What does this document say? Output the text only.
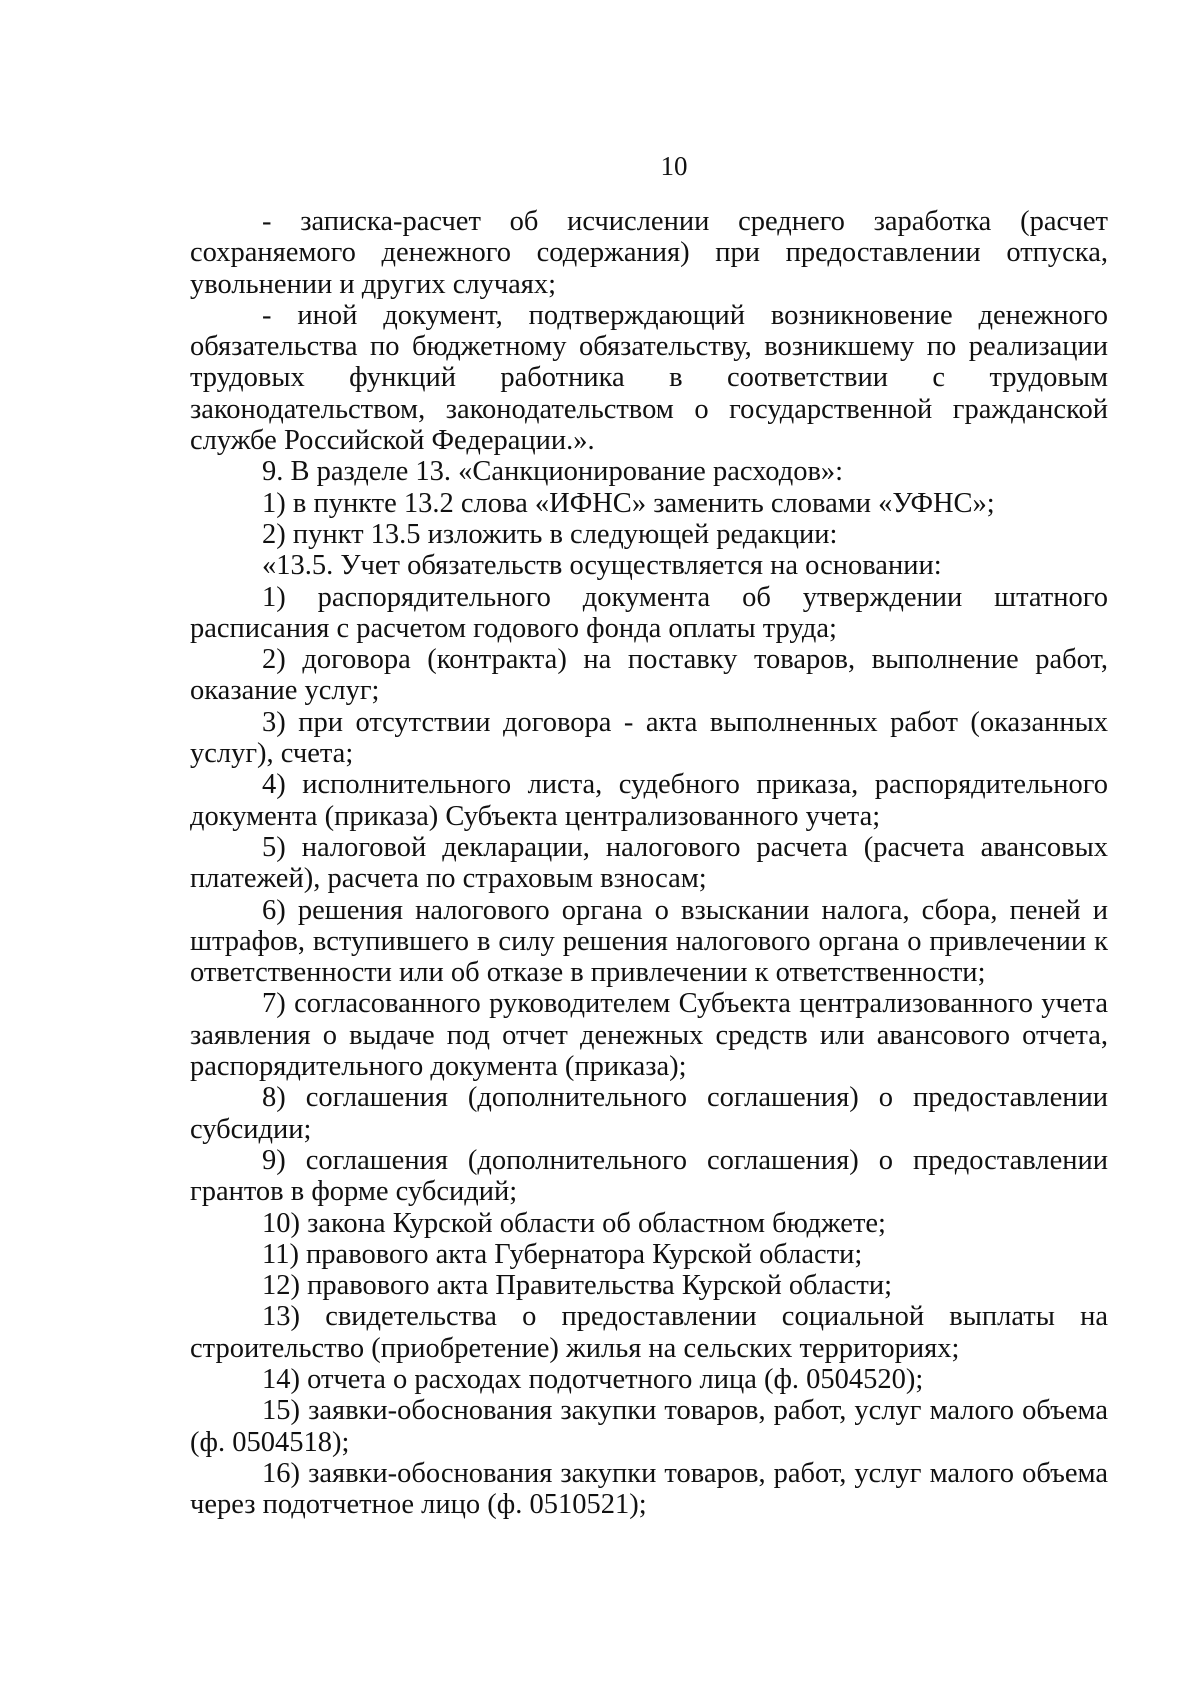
10

- записка-расчет об исчислении среднего заработка (расчет сохраняемого денежного содержания) при предоставлении отпуска, увольнении и других случаях;

- иной документ, подтверждающий возникновение денежного обязательства по бюджетному обязательству, возникшему по реализации трудовых функций работника в соответствии с трудовым законодательством, законодательством о государственной гражданской службе Российской Федерации.».

9. В разделе 13. «Санкционирование расходов»:

1) в пункте 13.2 слова «ИФНС» заменить словами «УФНС»;

2) пункт 13.5 изложить в следующей редакции:

«13.5. Учет обязательств осуществляется на основании:

1) распорядительного документа об утверждении штатного расписания с расчетом годового фонда оплаты труда;

2) договора (контракта) на поставку товаров, выполнение работ, оказание услуг;

3) при отсутствии договора - акта выполненных работ (оказанных услуг), счета;

4) исполнительного листа, судебного приказа, распорядительного документа (приказа) Субъекта централизованного учета;

5) налоговой декларации, налогового расчета (расчета авансовых платежей), расчета по страховым взносам;

6) решения налогового органа о взыскании налога, сбора, пеней и штрафов, вступившего в силу решения налогового органа о привлечении к ответственности или об отказе в привлечении к ответственности;

7) согласованного руководителем Субъекта централизованного учета заявления о выдаче под отчет денежных средств или авансового отчета, распорядительного документа (приказа);

8) соглашения (дополнительного соглашения) о предоставлении субсидии;

9) соглашения (дополнительного соглашения) о предоставлении грантов в форме субсидий;

10) закона Курской области об областном бюджете;

11) правового акта Губернатора Курской области;

12) правового акта Правительства Курской области;

13) свидетельства о предоставлении социальной выплаты на строительство (приобретение) жилья на сельских территориях;

14) отчета о расходах подотчетного лица (ф. 0504520);

15) заявки-обоснования закупки товаров, работ, услуг малого объема (ф. 0504518);

16) заявки-обоснования закупки товаров, работ, услуг малого объема через подотчетное лицо (ф. 0510521);
